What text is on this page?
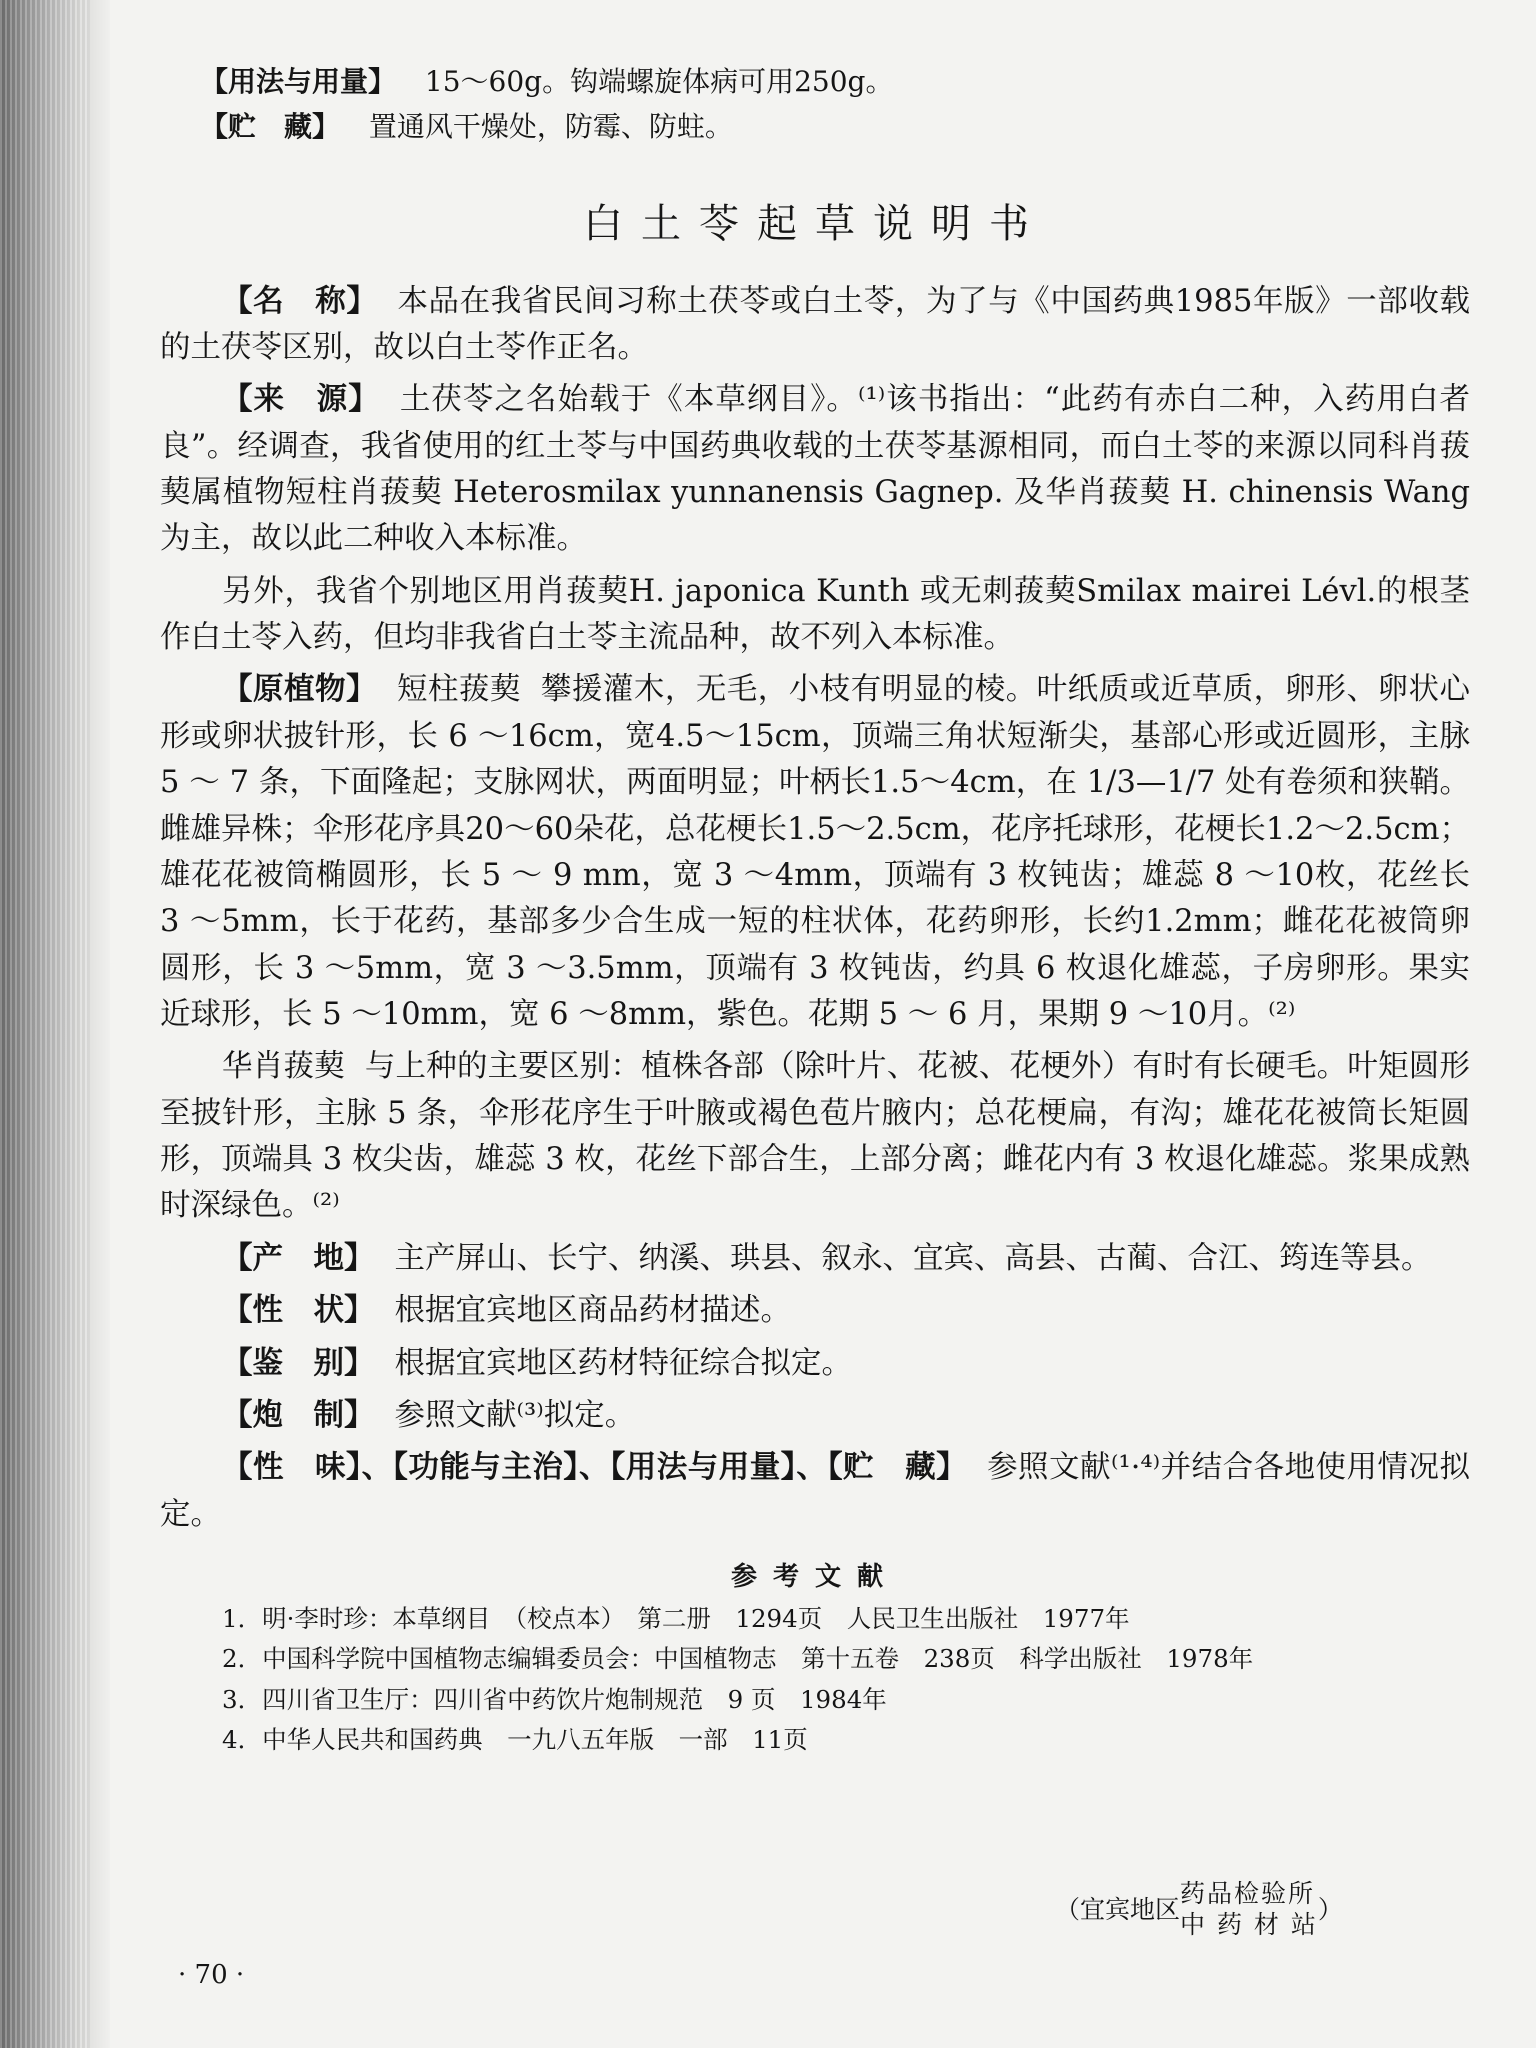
【用法与用量】 15～60g。钩端螺旋体病可用250g。

【贮　藏】 置通风干燥处，防霉、防蛀。

白土苓起草说明书

【名　称】 本品在我省民间习称土茯苓或白土苓，为了与《中国药典1985年版》一部收载的土茯苓区别，故以白土苓作正名。

【来　源】 土茯苓之名始载于《本草纲目》。⁽¹⁾该书指出：“此药有赤白二种，入药用白者良”。经调查，我省使用的红土苓与中国药典收载的土茯苓基源相同，而白土苓的来源以同科肖菝葜属植物短柱肖菝葜 Heterosmilax yunnanensis Gagnep. 及华肖菝葜 H. chinensis Wang 为主，故以此二种收入本标准。

另外，我省个别地区用肖菝葜H. japonica Kunth 或无刺菝葜Smilax mairei Lévl.的根茎作白土苓入药，但均非我省白土苓主流品种，故不列入本标准。

【原植物】 短柱菝葜 攀援灌木，无毛，小枝有明显的棱。叶纸质或近草质，卵形、卵状心形或卵状披针形，长 6 ～16cm，宽4.5～15cm，顶端三角状短渐尖，基部心形或近圆形，主脉 5 ～ 7 条，下面隆起；支脉网状，两面明显；叶柄长1.5～4cm，在 1/3—1/7 处有卷须和狭鞘。雌雄异株；伞形花序具20～60朵花，总花梗长1.5～2.5cm，花序托球形，花梗长1.2～2.5cm；雄花花被筒椭圆形，长 5 ～ 9 mm，宽 3 ～4mm，顶端有 3 枚钝齿；雄蕊 8 ～10枚，花丝长 3 ～5mm，长于花药，基部多少合生成一短的柱状体，花药卵形，长约1.2mm；雌花花被筒卵圆形，长 3 ～5mm，宽 3 ～3.5mm，顶端有 3 枚钝齿，约具 6 枚退化雄蕊，子房卵形。果实近球形，长 5 ～10mm，宽 6 ～8mm，紫色。花期 5 ～ 6 月，果期 9 ～10月。⁽²⁾

华肖菝葜 与上种的主要区别：植株各部（除叶片、花被、花梗外）有时有长硬毛。叶矩圆形至披针形，主脉 5 条，伞形花序生于叶腋或褐色苞片腋内；总花梗扁，有沟；雄花花被筒长矩圆形，顶端具 3 枚尖齿，雄蕊 3 枚，花丝下部合生，上部分离；雌花内有 3 枚退化雄蕊。浆果成熟时深绿色。⁽²⁾

【产　地】 主产屏山、长宁、纳溪、珙县、叙永、宜宾、高县、古蔺、合江、筠连等县。

【性　状】 根据宜宾地区商品药材描述。

【鉴　别】 根据宜宾地区药材特征综合拟定。

【炮　制】 参照文献⁽³⁾拟定。

【性　味】、【功能与主治】、【用法与用量】、【贮　藏】 参照文献⁽¹·⁴⁾并结合各地使用情况拟定。

参考文献

1．明·李时珍：本草纲目　（校点本）　第二册　1294页　人民卫生出版社　1977年

2．中国科学院中国植物志编辑委员会：中国植物志　第十五卷　238页　科学出版社　1978年

3．四川省卫生厅：四川省中药饮片炮制规范　9 页　1984年

4．中华人民共和国药典　一九八五年版　一部　11页

（宜宾地区
药品检验所
中 药 材 站
）
· 70 ·
